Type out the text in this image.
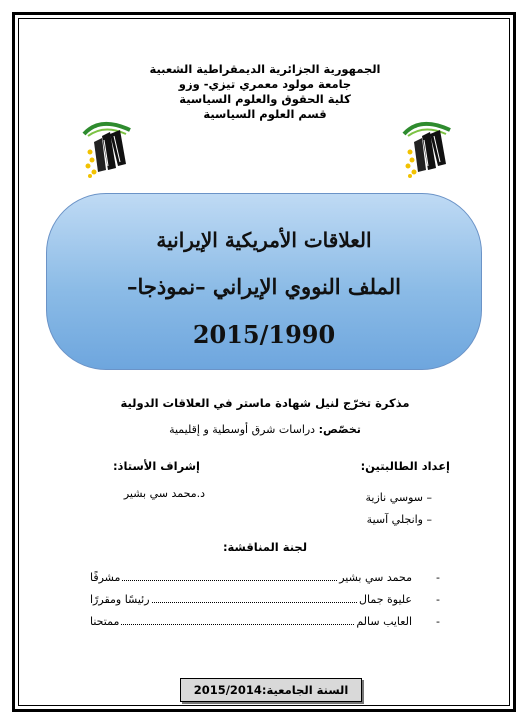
الجمهورية الجزائرية الديمقراطية الشعبية
جامعة مولود معمري تيزي- وزو
كلية الحقوق والعلوم السياسية
قسم العلوم السياسية
العلاقات الأمريكية الإيرانية
الملف النووي الإيراني –نموذجا–
2015/1990
مذكرة تخرّج لنيل شهادة ماستر في العلاقات الدولية
تخصّص: دراسات شرق أوسطية و إقليمية
إعداد الطالبتين:
إشراف الأستاذ:
– سوسي نازية
– وانجلي آسية
د.محمد سي بشير
لجنة المناقشة:
-
محمد سي بشير
مشرفًا
-
عليوة جمال
رئيسًا ومقررًا
-
العايب سالم
ممتحنا
السنة الجامعية:2015/2014
